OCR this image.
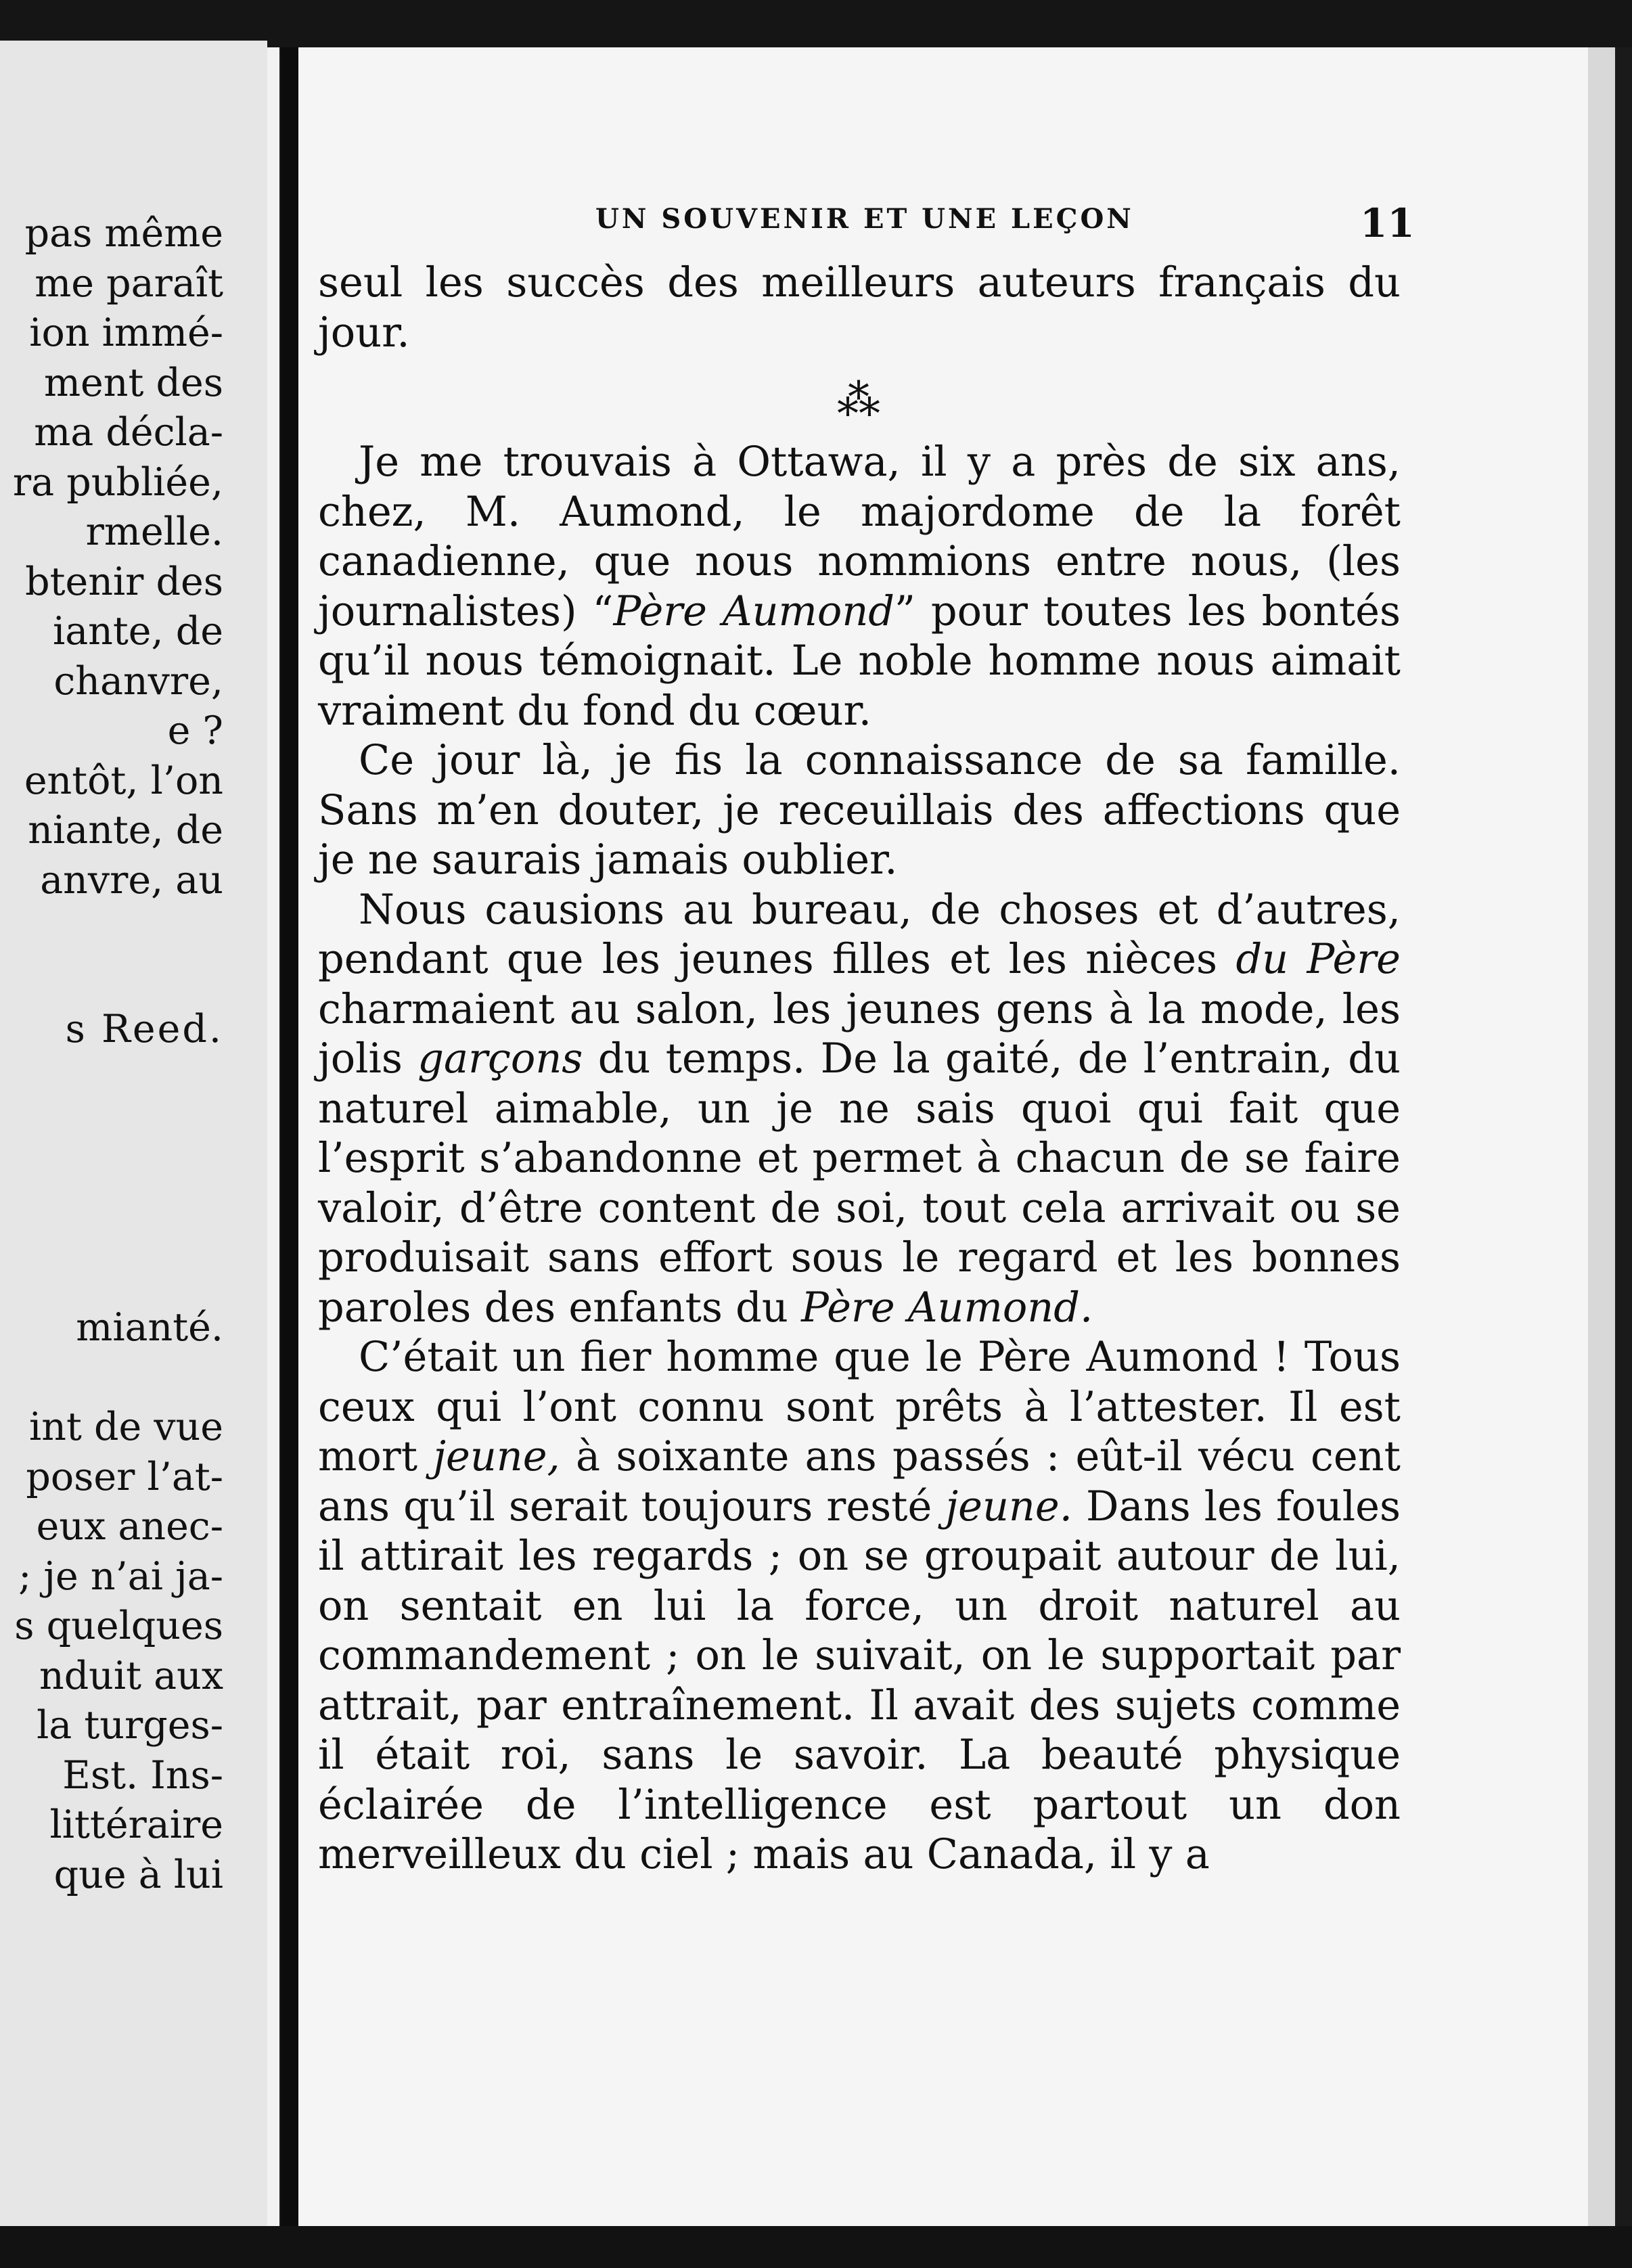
pas même
me paraît
ion immé-
ment des
ma décla-
ra publiée,
rmelle.
btenir des
iante, de
chanvre,
e ?
entôt, l’on
niante, de
anvre, au
s Reed.
mianté.
int de vue
poser l’at-
eux anec-
; je n’ai ja-
s quelques
nduit aux
la turges-
Est. Ins-
littéraire
que à lui
UN SOUVENIR ET UNE LEÇON	11

seul les succès des meilleurs auteurs français du jour.

⁂

Je me trouvais à Ottawa, il y a près de six ans, chez, M. Aumond, le majordome de la forêt canadienne, que nous nommions entre nous, (les journalistes) “Père Aumond” pour toutes les bontés qu’il nous témoignait. Le noble homme nous aimait vraiment du fond du cœur.

Ce jour là, je fis la connaissance de sa famille. Sans m’en douter, je receuillais des affections que je ne saurais jamais oublier.

Nous causions au bureau, de choses et d’autres, pendant que les jeunes filles et les nièces du Père charmaient au salon, les jeunes gens à la mode, les jolis garçons du temps. De la gaité, de l’entrain, du naturel aimable, un je ne sais quoi qui fait que l’esprit s’abandonne et permet à chacun de se faire valoir, d’être content de soi, tout cela arrivait ou se produisait sans effort sous le regard et les bonnes paroles des enfants du Père Aumond.

C’était un fier homme que le Père Aumond ! Tous ceux qui l’ont connu sont prêts à l’attester. Il est mort jeune, à soixante ans passés : eût-il vécu cent ans qu’il serait toujours resté jeune. Dans les foules il attirait les regards ; on se groupait autour de lui, on sentait en lui la force, un droit naturel au commandement ; on le suivait, on le supportait par attrait, par entraînement. Il avait des sujets comme il était roi, sans le savoir. La beauté physique éclairée de l’intelligence est partout un don merveilleux du ciel ; mais au Canada, il y a
